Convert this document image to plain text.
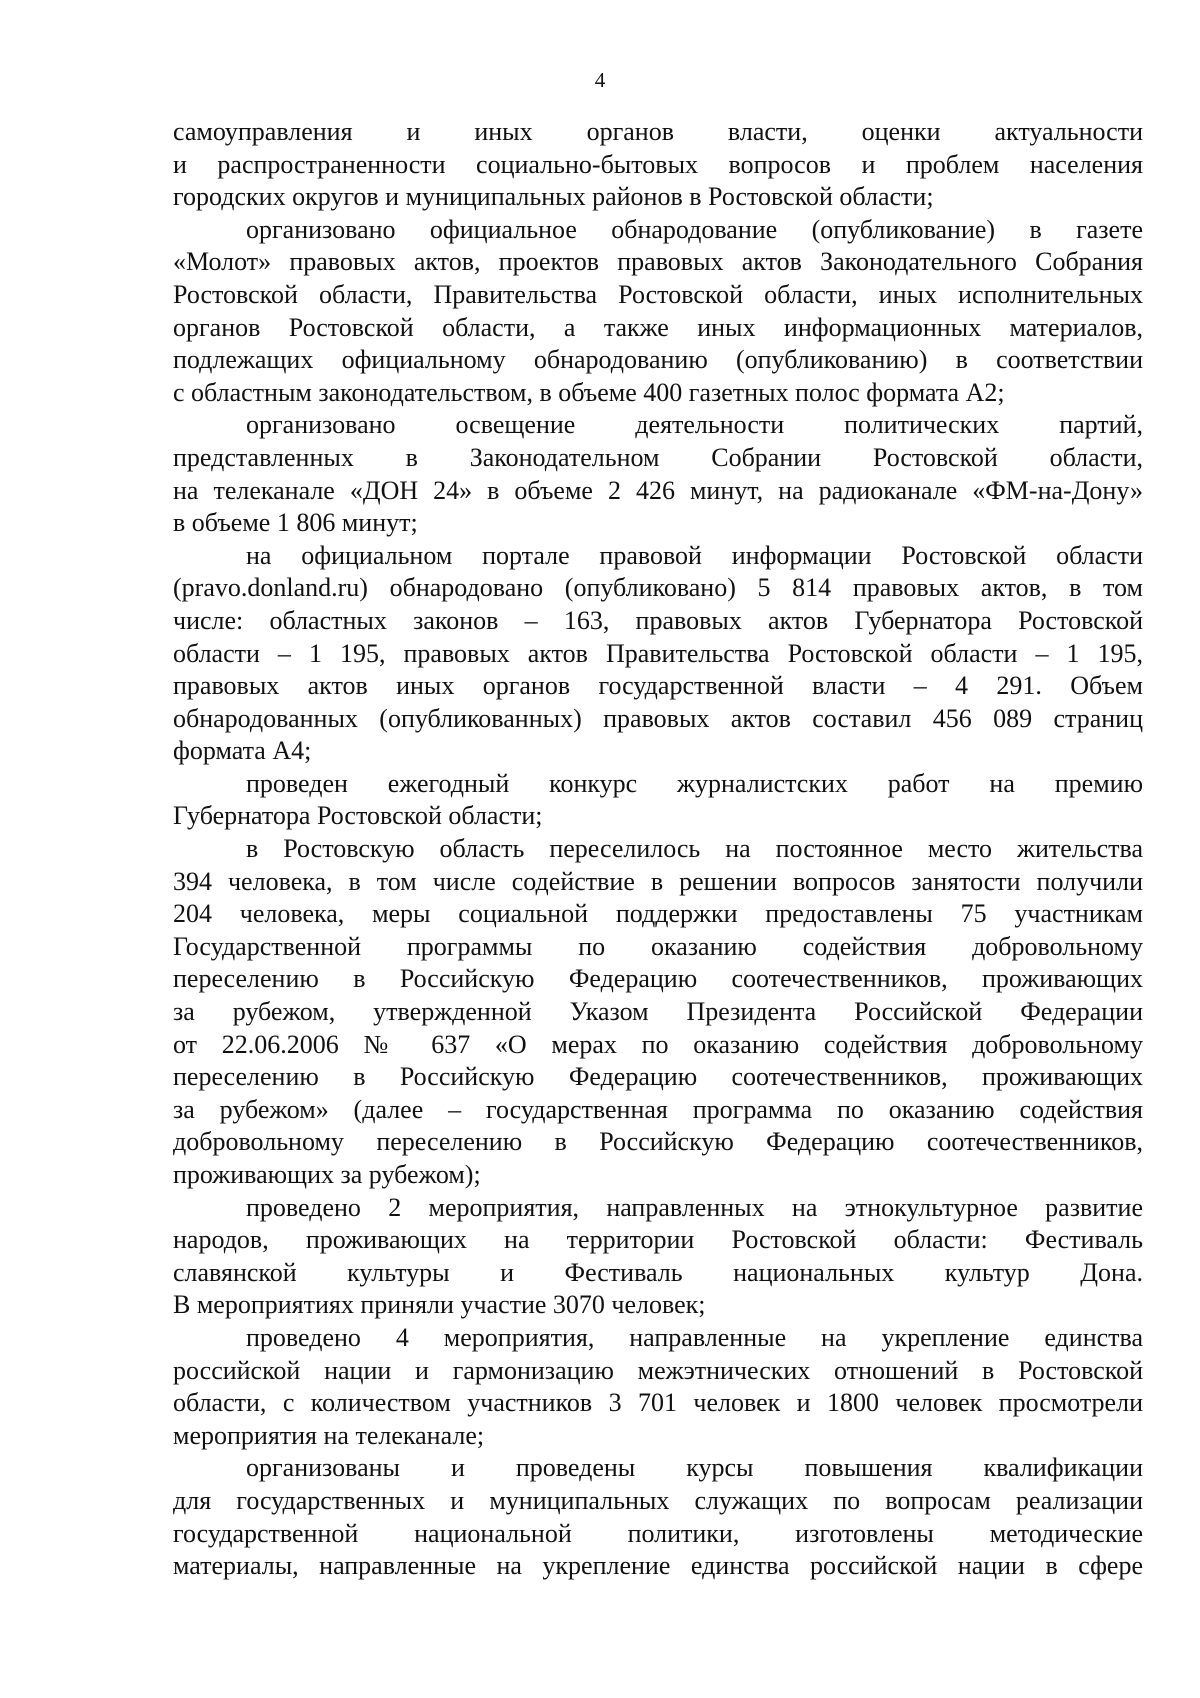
4

самоуправления и иных органов власти, оценки актуальности
и распространенности социально-бытовых вопросов и проблем населения
городских округов и муниципальных районов в Ростовской области;

организовано официальное обнародование (опубликование) в газете
«Молот» правовых актов, проектов правовых актов Законодательного Собрания
Ростовской области, Правительства Ростовской области, иных исполнительных
органов Ростовской области, а также иных информационных материалов,
подлежащих официальному обнародованию (опубликованию) в соответствии
с областным законодательством, в объеме 400 газетных полос формата А2;

организовано освещение деятельности политических партий,
представленных в Законодательном Собрании Ростовской области,
на телеканале «ДОН 24» в объеме 2 426 минут, на радиоканале «ФМ-на-Дону»
в объеме 1 806 минут;

на официальном портале правовой информации Ростовской области
(pravo.donland.ru) обнародовано (опубликовано) 5 814 правовых актов, в том
числе: областных законов – 163, правовых актов Губернатора Ростовской
области – 1 195, правовых актов Правительства Ростовской области – 1 195,
правовых актов иных органов государственной власти – 4 291. Объем
обнародованных (опубликованных) правовых актов составил 456 089 страниц
формата А4;

проведен ежегодный конкурс журналистских работ на премию
Губернатора Ростовской области;

в Ростовскую область переселилось на постоянное место жительства
394 человека, в том числе содействие в решении вопросов занятости получили
204 человека, меры социальной поддержки предоставлены 75 участникам
Государственной программы по оказанию содействия добровольному
переселению в Российскую Федерацию соотечественников, проживающих
за рубежом, утвержденной Указом Президента Российской Федерации
от 22.06.2006 № 637 «О мерах по оказанию содействия добровольному
переселению в Российскую Федерацию соотечественников, проживающих
за рубежом» (далее – государственная программа по оказанию содействия
добровольному переселению в Российскую Федерацию соотечественников,
проживающих за рубежом);

проведено 2 мероприятия, направленных на этнокультурное развитие
народов, проживающих на территории Ростовской области: Фестиваль
славянской культуры и Фестиваль национальных культур Дона.
В мероприятиях приняли участие 3070 человек;

проведено 4 мероприятия, направленные на укрепление единства
российской нации и гармонизацию межэтнических отношений в Ростовской
области, с количеством участников 3 701 человек и 1800 человек просмотрели
мероприятия на телеканале;

организованы и проведены курсы повышения квалификации
для государственных и муниципальных служащих по вопросам реализации
государственной национальной политики, изготовлены методические
материалы, направленные на укрепление единства российской нации в сфере
